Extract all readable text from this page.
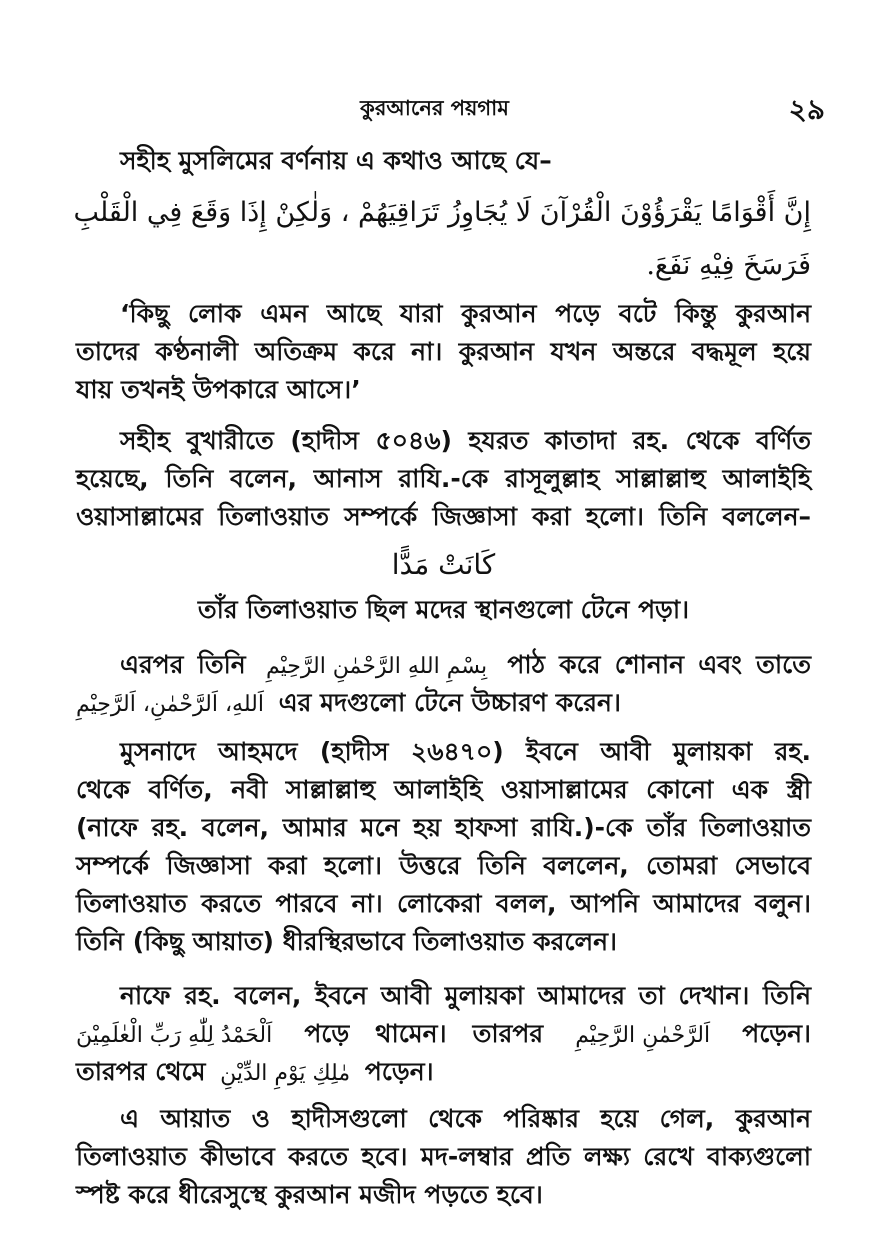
কুরআনের পয়গাম	২৯
সহীহ মুসলিমের বর্ণনায় এ কথাও আছে যে–
إِنَّ أَقْوَامًا يَقْرَؤُوْنَ الْقُرْآنَ لَا يُجَاوِزُ تَرَاقِيَهُمْ ، وَلٰكِنْ إِذَا وَقَعَ فِي الْقَلْبِ
فَرَسَخَ فِيْهِ نَفَعَ.
‘কিছু লোক এমন আছে যারা কুরআন পড়ে বটে কিন্তু কুরআন
তাদের কণ্ঠনালী অতিক্রম করে না। কুরআন যখন অন্তরে বদ্ধমূল হয়ে
যায় তখনই উপকারে আসে।’
সহীহ বুখারীতে (হাদীস ৫০৪৬) হযরত কাতাদা রহ. থেকে বর্ণিত
হয়েছে, তিনি বলেন, আনাস রাযি.-কে রাসূলুল্লাহ সাল্লাল্লাহু আলাইহি
ওয়াসাল্লামের তিলাওয়াত সম্পর্কে জিজ্ঞাসা করা হলো। তিনি বললেন–
كَانَتْ مَدًّا
তাঁর তিলাওয়াত ছিল মদের স্থানগুলো টেনে পড়া।
এরপর তিনি بِسْمِ اللهِ الرَّحْمٰنِ الرَّحِيْمِ পাঠ করে শোনান এবং তাতে
اَللهِ، اَلرَّحْمٰنِ، اَلرَّحِيْمِ এর মদগুলো টেনে উচ্চারণ করেন।
মুসনাদে আহমদে (হাদীস ২৬৪৭০) ইবনে আবী মুলায়কা রহ.
থেকে বর্ণিত, নবী সাল্লাল্লাহু আলাইহি ওয়াসাল্লামের কোনো এক স্ত্রী
(নাফে রহ. বলেন, আমার মনে হয় হাফসা রাযি.)-কে তাঁর তিলাওয়াত
সম্পর্কে জিজ্ঞাসা করা হলো। উত্তরে তিনি বললেন, তোমরা সেভাবে
তিলাওয়াত করতে পারবে না। লোকেরা বলল, আপনি আমাদের বলুন।
তিনি (কিছু আয়াত) ধীরস্থিরভাবে তিলাওয়াত করলেন।
নাফে রহ. বলেন, ইবনে আবী মুলায়কা আমাদের তা দেখান। তিনি
اَلْحَمْدُ لِلّٰهِ رَبِّ الْعٰلَمِيْنَ পড়ে থামেন। তারপর اَلرَّحْمٰنِ الرَّحِيْمِ পড়েন।
তারপর থেমে مٰلِكِ يَوْمِ الدِّيْنِ পড়েন।
এ আয়াত ও হাদীসগুলো থেকে পরিষ্কার হয়ে গেল, কুরআন
তিলাওয়াত কীভাবে করতে হবে। মদ-লম্বার প্রতি লক্ষ্য রেখে বাক্যগুলো
স্পষ্ট করে ধীরেসুস্থে কুরআন মজীদ পড়তে হবে।
